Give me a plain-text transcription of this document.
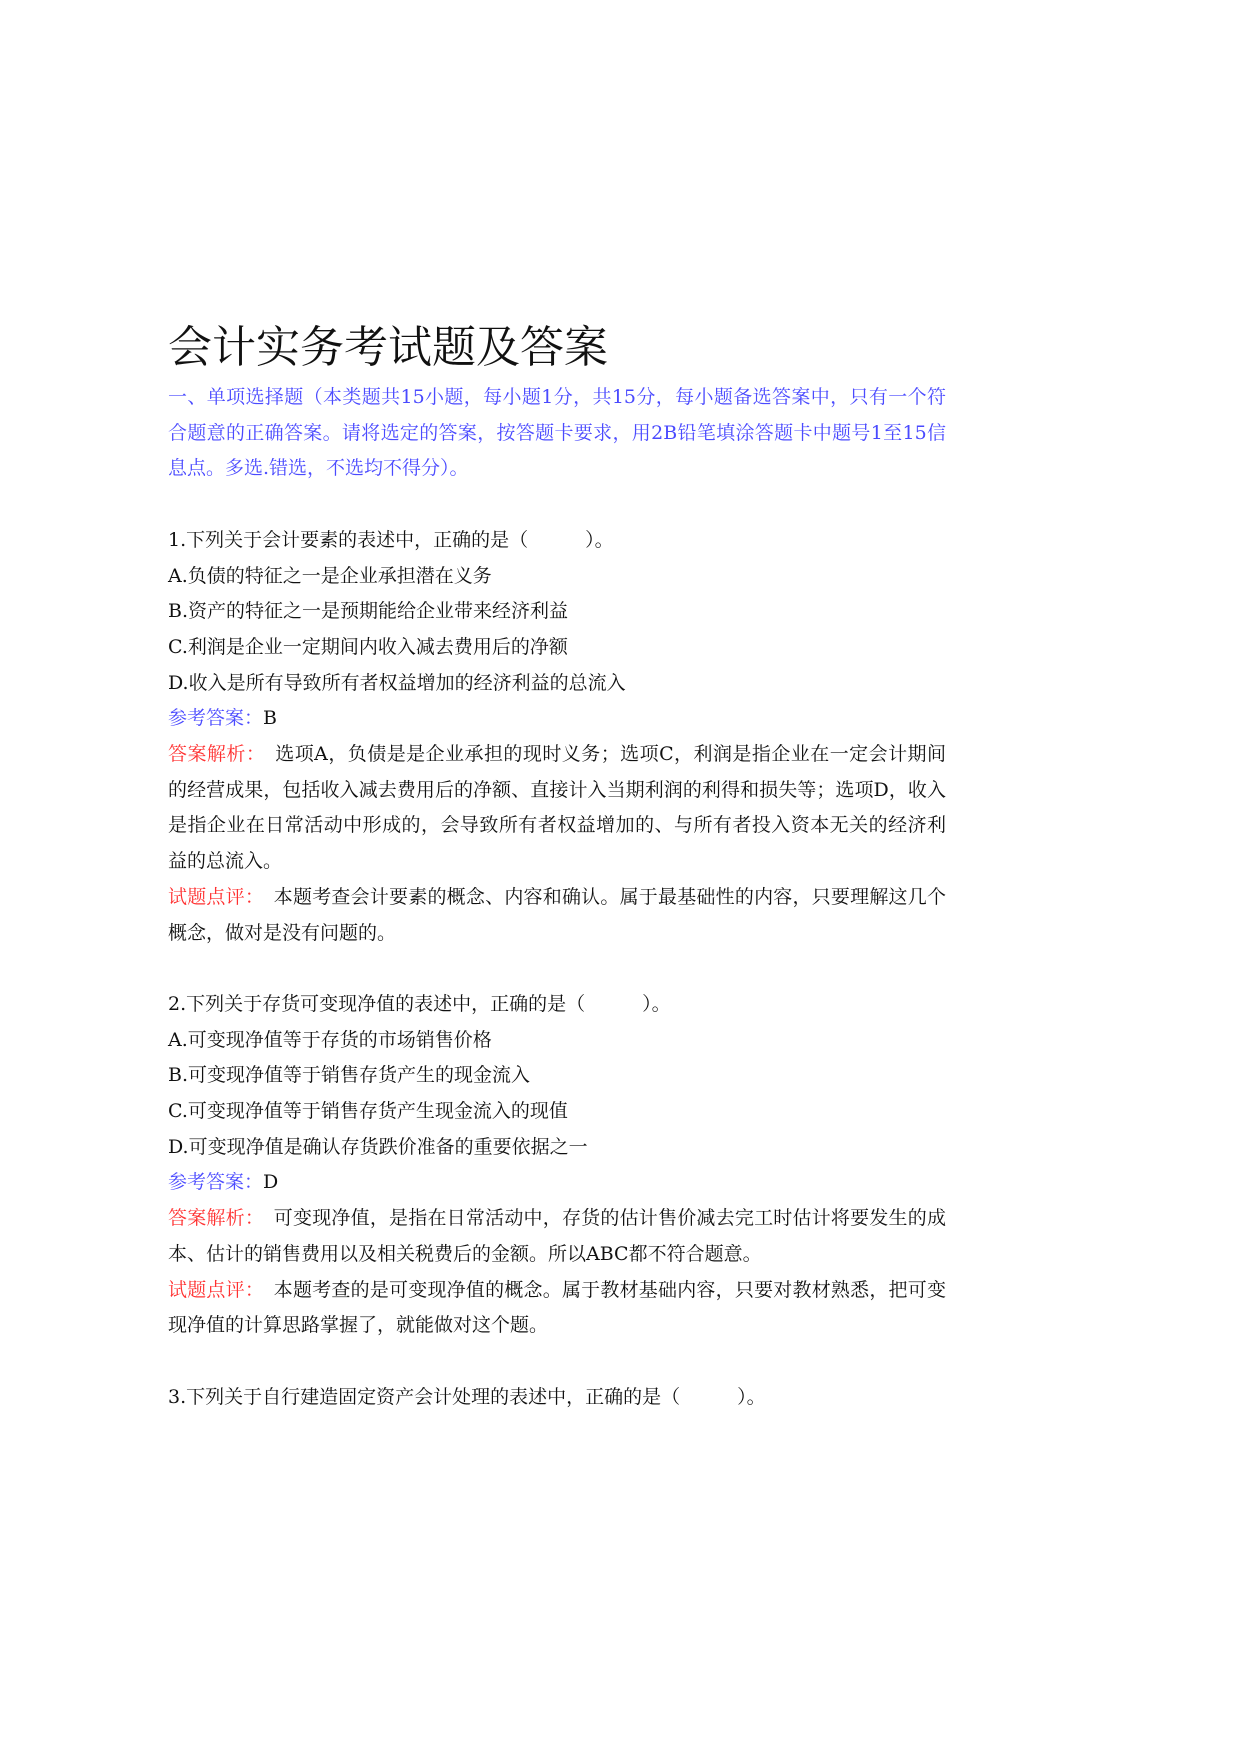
会计实务考试题及答案

一、单项选择题（本类题共15小题，每小题1分，共15分，每小题备选答案中，只有一个符合题意的正确答案。请将选定的答案，按答题卡要求，用2B铅笔填涂答题卡中题号1至15信息点。多选.错选，不选均不得分）。

1.下列关于会计要素的表述中，正确的是（　　　）。

A.负债的特征之一是企业承担潜在义务

B.资产的特征之一是预期能给企业带来经济利益

C.利润是企业一定期间内收入减去费用后的净额

D.收入是所有导致所有者权益增加的经济利益的总流入

参考答案：B

答案解析：　选项A，负债是是企业承担的现时义务；选项C，利润是指企业在一定会计期间的经营成果，包括收入减去费用后的净额、直接计入当期利润的利得和损失等；选项D，收入是指企业在日常活动中形成的，会导致所有者权益增加的、与所有者投入资本无关的经济利益的总流入。

试题点评：　本题考查会计要素的概念、内容和确认。属于最基础性的内容，只要理解这几个概念，做对是没有问题的。

2.下列关于存货可变现净值的表述中，正确的是（　　　）。

A.可变现净值等于存货的市场销售价格

B.可变现净值等于销售存货产生的现金流入

C.可变现净值等于销售存货产生现金流入的现值

D.可变现净值是确认存货跌价准备的重要依据之一

参考答案：D

答案解析：　可变现净值，是指在日常活动中，存货的估计售价减去完工时估计将要发生的成本、估计的销售费用以及相关税费后的金额。所以ABC都不符合题意。

试题点评：　本题考查的是可变现净值的概念。属于教材基础内容，只要对教材熟悉，把可变现净值的计算思路掌握了，就能做对这个题。

3.下列关于自行建造固定资产会计处理的表述中，正确的是（　　　）。
